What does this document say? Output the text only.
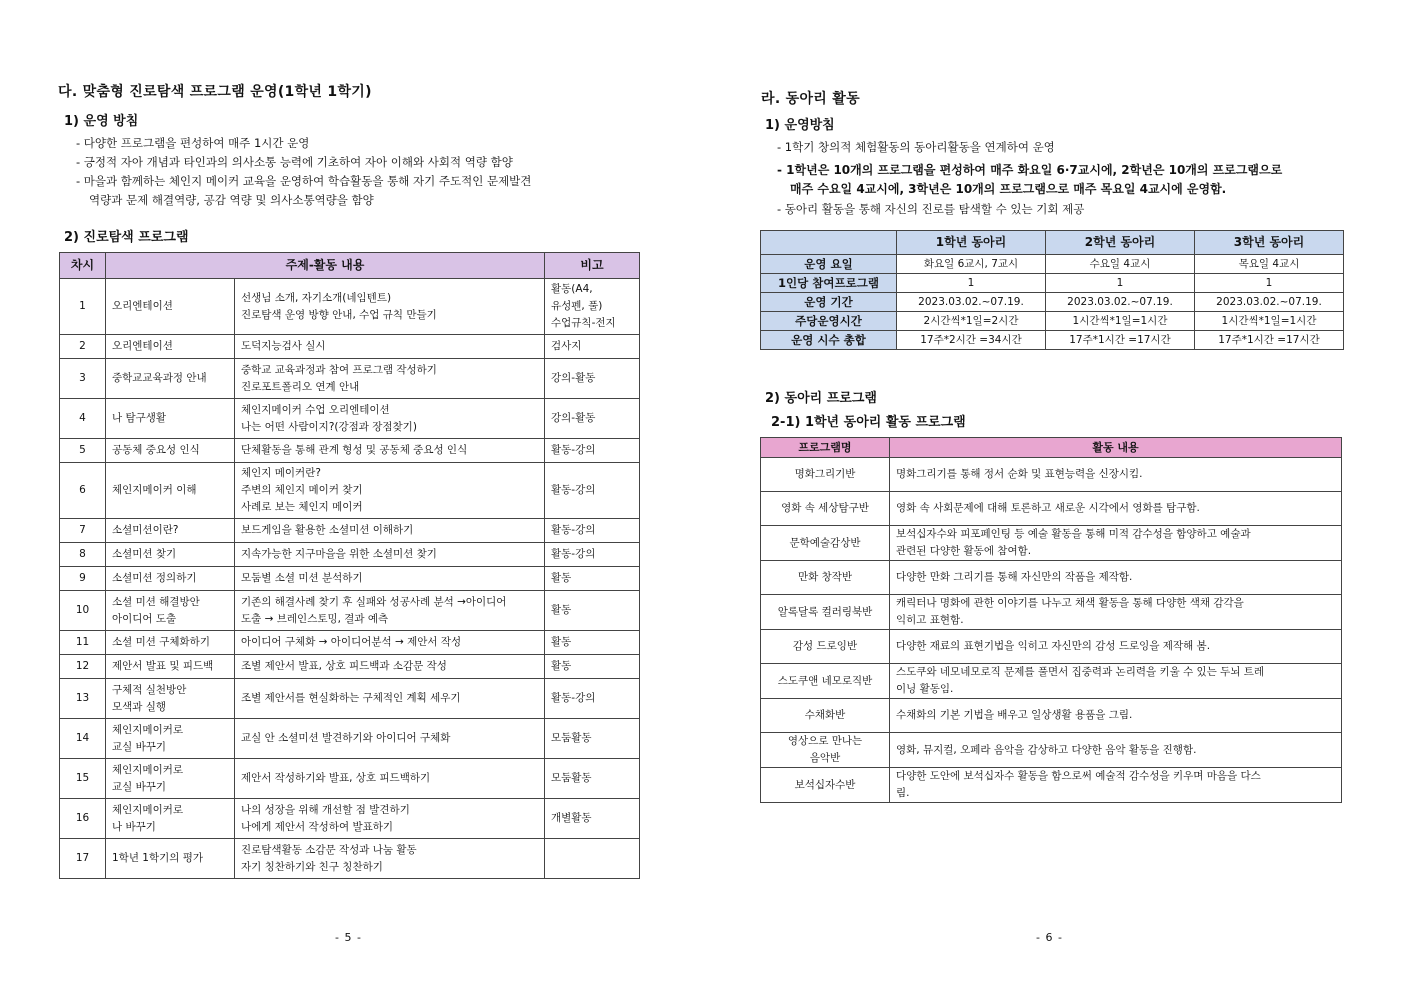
다. 맞춤형 진로탐색 프로그램 운영(1학년 1학기)
1) 운영 방침
- 다양한 프로그램을 편성하여 매주 1시간 운영
- 긍정적 자아 개념과 타인과의 의사소통 능력에 기초하여 자아 이해와 사회적 역량 함양
- 마을과 함께하는 체인지 메이커 교육을 운영하여 학습활동을 통해 자기 주도적인 문제발견
역량과 문제 해결역량, 공감 역량 및 의사소통역량을 함양
2) 진로탐색 프로그램
차시	주제-활동 내용		비고
1	오리엔테이션	선생님 소개, 자기소개(네임텐트)
진로탐색 운영 방향 안내, 수업 규칙 만들기	활동(A4,
유성펜, 풀)
수업규칙-전지

2	오리엔테이션	도덕지능검사 실시	검사지

3	중학교교육과정 안내	중학교 교육과정과 참여 프로그램 작성하기
진로포트폴리오 연계 안내	강의-활동

4	나 탐구생활	체인지메이커 수업 오리엔테이션
나는 어떤 사람이지?(강점과 장점찾기)	강의-활동

5	공동체 중요성 인식	단체활동을 통해 관계 형성 및 공동체 중요성 인식	활동-강의

6	체인지메이커 이해	체인지 메이커란?
주변의 체인지 메이커 찾기
사례로 보는 체인지 메이커	활동-강의

7	소셜미션이란?	보드게임을 활용한 소셜미션 이해하기	활동-강의

8	소셜미션 찾기	지속가능한 지구마을을 위한 소셜미션 찾기	활동-강의

9	소셜미션 정의하기	모둠별 소셜 미션 분석하기	활동

10	소셜 미션 해결방안
아이디어 도출	기존의 해결사례 찾기 후 실패와 성공사례 분석 →아이디어
도출 → 브레인스토밍, 결과 예측	활동

11	소셜 미션 구체화하기	아이디어 구체화 → 아이디어분석 → 제안서 작성	활동

12	제안서 발표 및 피드백	조별 제안서 발표, 상호 피드백과 소감문 작성	활동

13	구체적 실천방안
모색과 실행	조별 제안서를 현실화하는 구체적인 계획 세우기	활동-강의

14	체인지메이커로
교실 바꾸기	교실 안 소셜미션 발견하기와 아이디어 구체화	모둠활동

15	체인지메이커로
교실 바꾸기	제안서 작성하기와 발표, 상호 피드백하기	모둠활동

16	체인지메이커로
나 바꾸기	나의 성장을 위해 개선할 점 발견하기
나에게 제안서 작성하여 발표하기	개별활동

17	1학년 1학기의 평가	진로탐색활동 소감문 작성과 나눔 활동
자기 칭찬하기와 친구 칭찬하기	

- 5 -
라. 동아리 활동
1) 운영방침
- 1학기 창의적 체험활동의 동아리활동을 연계하여 운영
- 1학년은 10개의 프로그램을 편성하여 매주 화요일 6·7교시에, 2학년은 10개의 프로그램으로
매주 수요일 4교시에, 3학년은 10개의 프로그램으로 매주 목요일 4교시에 운영함.
- 동아리 활동을 통해 자신의 진로를 탐색할 수 있는 기회 제공
	1학년 동아리	2학년 동아리	3학년 동아리
운영 요일	화요일 6교시, 7교시	수요일 4교시	목요일 4교시
1인당 참여프로그램	1	1	1
운영 기간	2023.03.02.~07.19.	2023.03.02.~07.19.	2023.03.02.~07.19.
주당운영시간	2시간씩*1일=2시간	1시간씩*1일=1시간	1시간씩*1일=1시간
운영 시수 총합	17주*2시간 =34시간	17주*1시간 =17시간	17주*1시간 =17시간
2) 동아리 프로그램
2-1) 1학년 동아리 활동 프로그램
프로그램명	활동 내용

명화그리기반	명화그리기를 통해 정서 순화 및 표현능력을 신장시킴.

영화 속 세상탐구반	영화 속 사회문제에 대해 토론하고 새로운 시각에서 영화를 탐구함.

문학예술감상반	보석십자수와 피포페인팅 등 예술 활동을 통해 미적 감수성을 함양하고 예술과
관련된 다양한 활동에 참여함.

만화 창작반	다양한 만화 그리기를 통해 자신만의 작품을 제작함.

알록달록 컬러링북반	캐릭터나 명화에 관한 이야기를 나누고 채색 활동을 통해 다양한 색채 감각을
익히고 표현함.

감성 드로잉반	다양한 재료의 표현기법을 익히고 자신만의 감성 드로잉을 제작해 봄.

스도쿠앤 네모로직반	스도쿠와 네모네모로직 문제를 풀면서 집중력과 논리력을 키울 수 있는 두뇌 트레
이닝 활동임.

수채화반	수채화의 기본 기법을 배우고 일상생활 용품을 그림.

영상으로 만나는
음악반	영화, 뮤지컬, 오페라 음악을 감상하고 다양한 음악 활동을 진행함.

보석십자수반	다양한 도안에 보석십자수 활동을 함으로써 예술적 감수성을 키우며 마음을 다스
림.
- 6 -
